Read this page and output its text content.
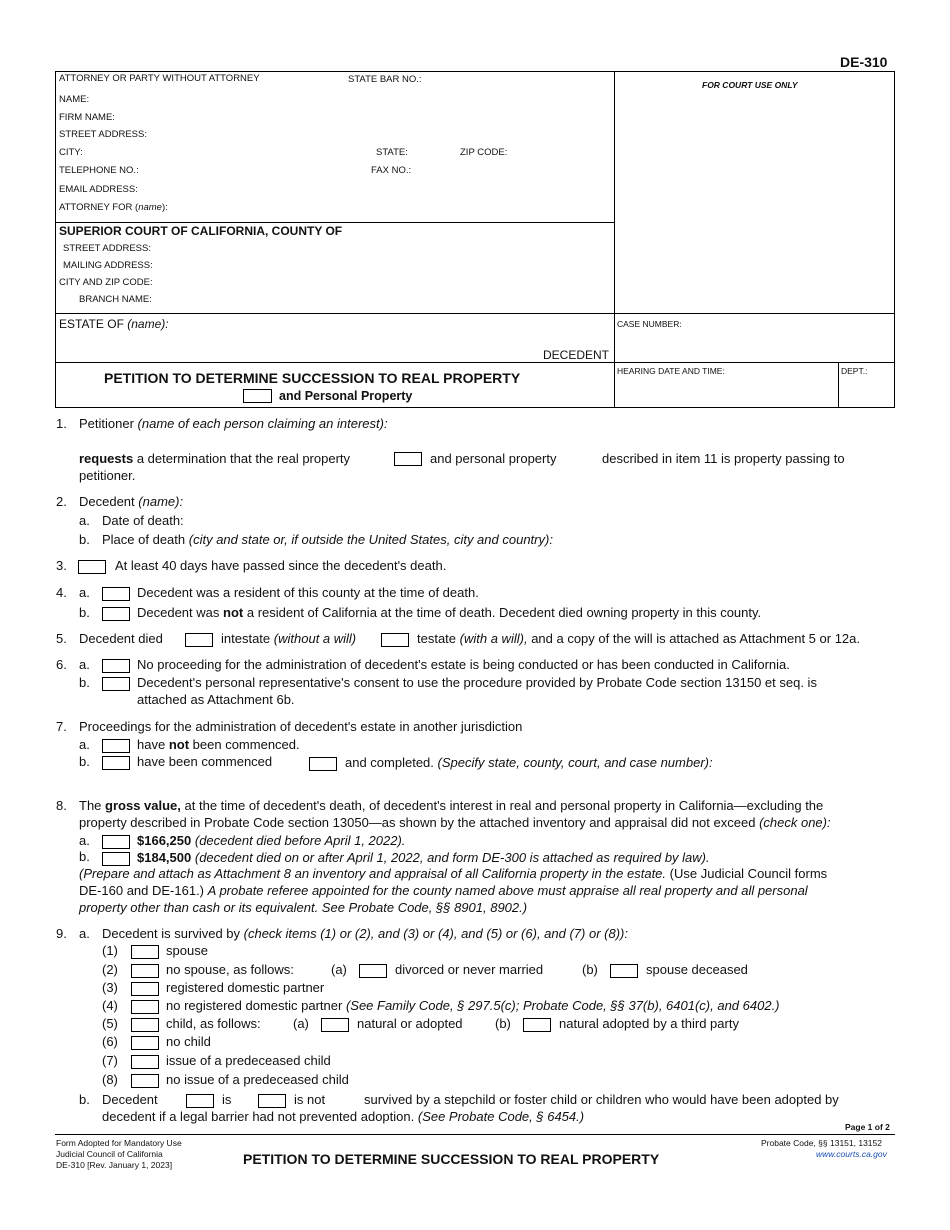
DE-310
ATTORNEY OR PARTY WITHOUT ATTORNEY	STATE BAR NO.:
NAME:
FIRM NAME:
STREET ADDRESS:
CITY:	STATE:	ZIP CODE:
TELEPHONE NO.:	FAX NO.:
EMAIL ADDRESS:
ATTORNEY FOR (name):
FOR COURT USE ONLY
SUPERIOR COURT OF CALIFORNIA, COUNTY OF
STREET ADDRESS:
MAILING ADDRESS:
CITY AND ZIP CODE:
BRANCH NAME:
ESTATE OF (name):
DECEDENT
CASE NUMBER:
PETITION TO DETERMINE SUCCESSION TO REAL PROPERTY
and Personal Property
HEARING DATE AND TIME:	DEPT.:
1. Petitioner (name of each person claiming an interest):
requests a determination that the real property	and personal property	described in item 11 is property passing to
petitioner.
2. Decedent (name):
a. Date of death:
b. Place of death (city and state or, if outside the United States, city and country):
3.	At least 40 days have passed since the decedent's death.
4. a.	Decedent was a resident of this county at the time of death.
b.	Decedent was not a resident of California at the time of death. Decedent died owning property in this county.
5. Decedent died	intestate (without a will)	testate (with a will), and a copy of the will is attached as Attachment 5 or 12a.
6. a.	No proceeding for the administration of decedent's estate is being conducted or has been conducted in California.
b.	Decedent's personal representative's consent to use the procedure provided by Probate Code section 13150 et seq. is
attached as Attachment 6b.
7. Proceedings for the administration of decedent's estate in another jurisdiction
a.	have not been commenced.
b.	have been commenced	and completed. (Specify state, county, court, and case number):
8. The gross value, at the time of decedent's death, of decedent's interest in real and personal property in California—excluding the
property described in Probate Code section 13050—as shown by the attached inventory and appraisal did not exceed (check one):
a.	$166,250 (decedent died before April 1, 2022).
b.	$184,500 (decedent died on or after April 1, 2022, and form DE-300 is attached as required by law).
(Prepare and attach as Attachment 8 an inventory and appraisal of all California property in the estate. (Use Judicial Council forms
DE-160 and DE-161.) A probate referee appointed for the county named above must appraise all real property and all personal
property other than cash or its equivalent. See Probate Code, §§ 8901, 8902.)
9. a. Decedent is survived by (check items (1) or (2), and (3) or (4), and (5) or (6), and (7) or (8)):
(1)	spouse
(2)	no spouse, as follows:	(a)	divorced or never married	(b)	spouse deceased
(3)	registered domestic partner
(4)	no registered domestic partner (See Family Code, § 297.5(c); Probate Code, §§ 37(b), 6401(c), and 6402.)
(5)	child, as follows: (a)	natural or adopted (b)	natural adopted by a third party
(6)	no child
(7)	issue of a predeceased child
(8)	no issue of a predeceased child
b. Decedent	is	is not	survived by a stepchild or foster child or children who would have been adopted by
decedent if a legal barrier had not prevented adoption. (See Probate Code, § 6454.)
Page 1 of 2
Form Adopted for Mandatory Use
Judicial Council of California
DE-310 [Rev. January 1, 2023]	PETITION TO DETERMINE SUCCESSION TO REAL PROPERTY
Probate Code, §§ 13151, 13152
www.courts.ca.gov
